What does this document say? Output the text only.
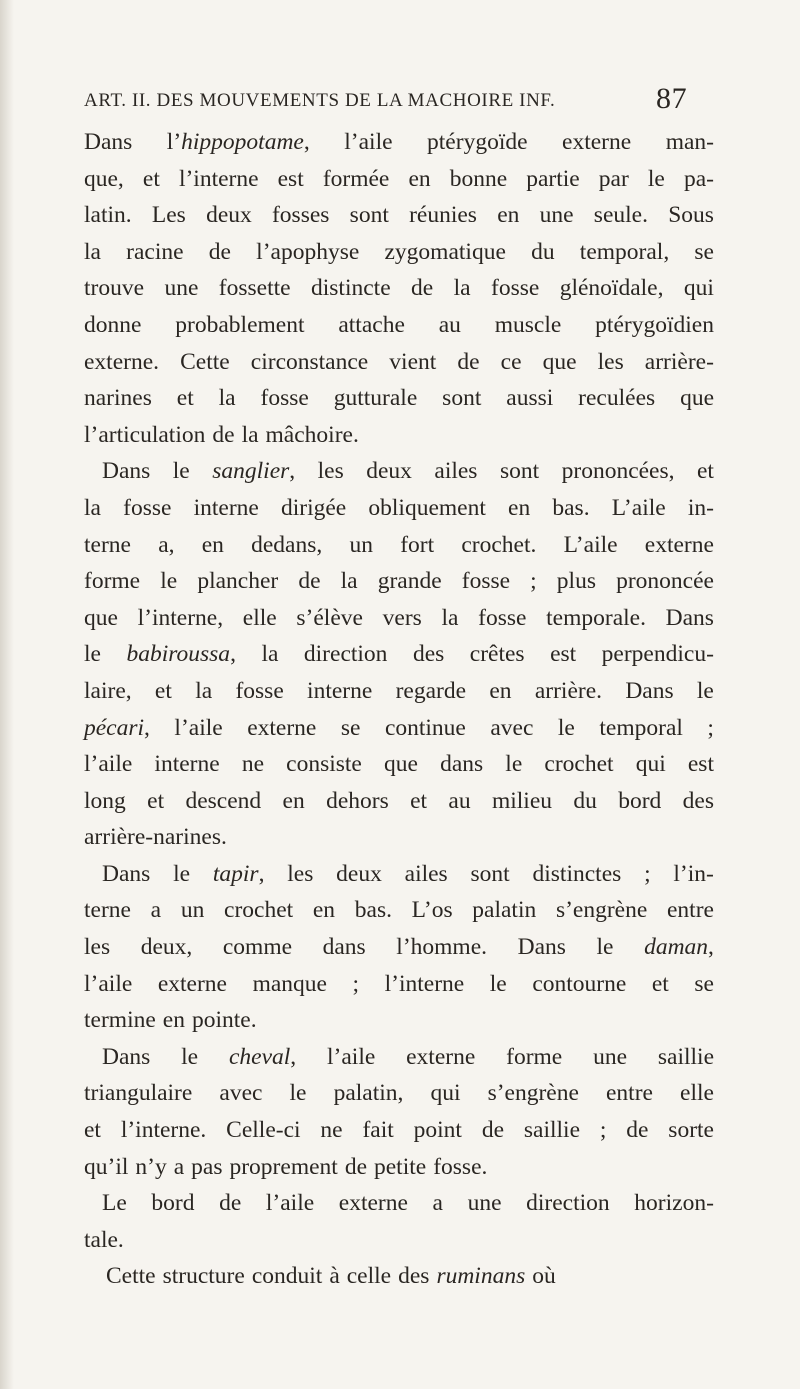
ART. II. DES MOUVEMENTS DE LA MACHOIRE INF.	87
Dans l’hippopotame, l’aile ptérygoïde externe man-
que, et l’interne est formée en bonne partie par le pa-
latin. Les deux fosses sont réunies en une seule. Sous
la racine de l’apophyse zygomatique du temporal, se
trouve une fossette distincte de la fosse glénoïdale, qui
donne probablement attache au muscle ptérygoïdien
externe. Cette circonstance vient de ce que les arrière-
narines et la fosse gutturale sont aussi reculées que
l’articulation de la mâchoire.
Dans le sanglier, les deux ailes sont prononcées, et
la fosse interne dirigée obliquement en bas. L’aile in-
terne a, en dedans, un fort crochet. L’aile externe
forme le plancher de la grande fosse ; plus prononcée
que l’interne, elle s’élève vers la fosse temporale. Dans
le babiroussa, la direction des crêtes est perpendicu-
laire, et la fosse interne regarde en arrière. Dans le
pécari, l’aile externe se continue avec le temporal ;
l’aile interne ne consiste que dans le crochet qui est
long et descend en dehors et au milieu du bord des
arrière-narines.
Dans le tapir, les deux ailes sont distinctes ; l’in-
terne a un crochet en bas. L’os palatin s’engrène entre
les deux, comme dans l’homme. Dans le daman,
l’aile externe manque ; l’interne le contourne et se
termine en pointe.
Dans le cheval, l’aile externe forme une saillie
triangulaire avec le palatin, qui s’engrène entre elle
et l’interne. Celle-ci ne fait point de saillie ; de sorte
qu’il n’y a pas proprement de petite fosse.
Le bord de l’aile externe a une direction horizon-
tale.
Cette structure conduit à celle des ruminans où
